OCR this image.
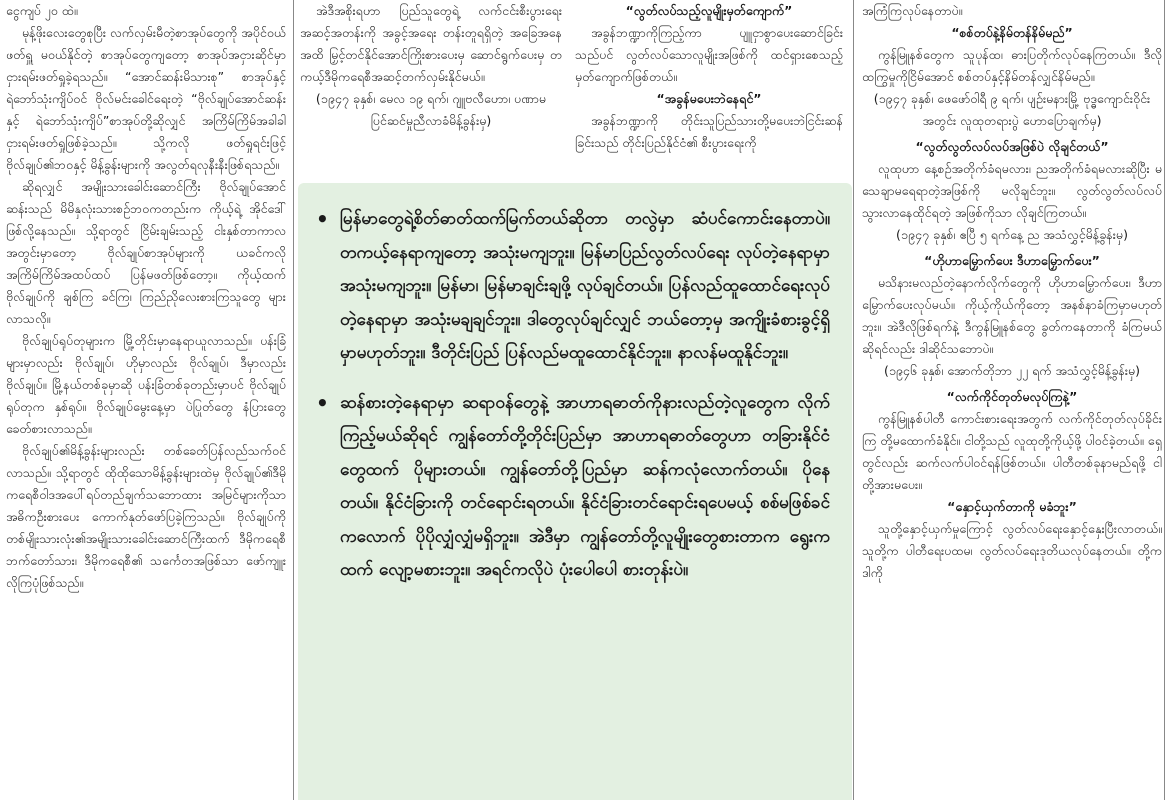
ငွေကျပ် ၂၀ ထဲ။

မုန့်ဖိုးလေးတွေစုပြီး လက်လှမ်းမီတဲ့စာအုပ်တွေကို အပိုင်ဝယ်ဖတ်ရှူ မဝယ်နိုင်တဲ့ စာအုပ်တွေကျတော့ စာအုပ်အငှားဆိုင်မှာ ငှားရမ်းဖတ်ရှုခဲ့ရသည်။ “အောင်ဆန်းမိသားစု” စာအုပ်နှင့် ရဲဘော်သုံးကျိပ်ဝင် ဗိုလ်မင်းခေါင်ရေးတဲ့ “ဗိုလ်ချုပ်အောင်ဆန်းနှင့် ရဲဘော်သုံးကျိပ်”စာအုပ်တို့ဆိုလျှင် အကြိမ်ကြိမ်အခါခါ ငှားရမ်းဖတ်ရှုဖြစ်ခဲ့သည်။ သို့ကလို ဖတ်ရှုရင်းဖြင့် ဗိုလ်ချုပ်၏ဘဝနှင့် မိန့်ခွန်းများကို အလွတ်ရလုနီးနီးဖြစ်ရသည်။

ဆိုရလျှင် အမျိုးသားခေါင်းဆောင်ကြီး ဗိုလ်ချုပ်အောင်ဆန်းသည် မိမိနှလုံးသားစဉ်ဘဝကတည်းက ကိုယ့်ရဲ့ အိုင်ဒေါ်ဖြစ်လို့နေသည်။ သို့ရာတွင် ငြိမ်းချမ်းသည့် ငါးနှစ်တာကာလအတွင်းမှာတော့ ဗိုလ်ချုပ်စာအုပ်များကို ယခင်ကလို အကြိမ်ကြိမ်အထပ်ထပ် ပြန်မဖတ်ဖြစ်တော့။ ကိုယ့်ထက် ဗိုလ်ချုပ်ကို ချစ်ကြ ခင်ကြ၊ ကြည်ညိုလေးစားကြသူတွေ များလာသလို။

ဗိုလ်ချုပ်ရုပ်တုများက မြို့တိုင်းမှာနေရာယူလာသည်။ ပန်းခြံများမှာလည်း ဗိုလ်ချုပ်၊ ဟိုမှာလည်း ဗိုလ်ချုပ်၊ ဒီမှာလည်းဗိုလ်ချုပ်။ မြို့နယ်တစ်ခုမှာဆို ပန်းခြံတစ်ခုတည်းမှာပင် ဗိုလ်ချုပ်ရုပ်တုက နှစ်ရုပ်။ ဗိုလ်ချုပ်မွေးနေ့မှာ ပဲပြုတ်တွေ နံပြားတွေ ခေတ်စားလာသည်။

ဗိုလ်ချုပ်၏မိန့်ခွန်းများလည်း တစ်ခေတ်ပြန်လည်သက်ဝင်လာသည်။ သို့ရာတွင် ထိုထိုသောမိန့်ခွန်းများထဲမှ ဗိုလ်ချုပ်၏ဒီမိုကရေစီဝါဒအပေါ်ရပ်တည်ချက်သဘောထား အမြင်များကိုသာ အဓိကဦးစားပေး ကောက်နုတ်ဖော်ပြခဲ့ကြသည်။ ဗိုလ်ချုပ်ကို တစ်မျိုးသားလုံး၏အမျိုးသားခေါင်းဆောင်ကြီးထက် ဒီမိုကရေစီဘက်တော်သား၊ ဒီမိုကရေစီ၏ သင်္ကေတအဖြစ်သာ ဖော်ကျူးလိုကြပုံဖြစ်သည်။

အဲဒီအစိုးရဟာ ပြည်သူတွေရဲ့ လက်ငင်းစီးပွားရေးအဆင့်အတန်းကို အခွင့်အရေး တန်းတူရရှိတဲ့ အခြေအနေအထိ မြှင့်တင်နိုင်အောင်ကြိုးစားပေးမှ ဆောင်ရွက်ပေးမှ တကယ့်ဒီမိုကရေစီအဆင့်တက်လှမ်းနိုင်မယ်။

(၁၉၄၇ ခုနှစ်၊ မေလ ၁၉ ရက်၊ ဂျူဗလီဟော၊ ပဏာမပြင်ဆင်မှုညီလာခံမိန့်ခွန်းမှ)

“လွတ်လပ်သည့်လူမျိုးမှတ်ကျောက်”

အခွန်ဘဏ္ဍာကိုကြည့်ကာ ပျူငှာစွာပေးဆောင်ခြင်းသည်ပင် လွတ်လပ်သောလူမျိုးအဖြစ်ကို ထင်ရှားစေသည့် မှတ်ကျောက်ဖြစ်တယ်။

“အခွန်မပေးဘဲနေရင်”

အခွန်ဘဏ္ဍာကို တိုင်းသူပြည်သားတို့မပေးဘဲငြင်းဆန်ခြင်းသည် တိုင်းပြည်နိုင်ငံ၏ စီးပွားရေးကို

အကြံကြလုပ်နေတာပဲ။

“စစ်တပ်နဲ့နိမ်တန်နိမ်မည်”

ကွန်မြူနစ်တွေက သူပုန်ထ၊ ဓားပြတိုက်လုပ်နေကြတယ်။ ဒီလိုထကြွမှုကိုငြိမ်အောင် စစ်တပ်နှင့်နိမ်တန်လျှင်နိမ်မည်။

(၁၉၄၇ ခုနှစ်၊ ဖေဖော်ဝါရီ ၉ ရက်၊ ပျဉ်းမနားမြို့ ဗုဒ္ဓကျောင်းဝိုင်းအတွင်း လူထုတရားပွဲ ဟောပြောချက်မှ)

“လွတ်လွတ်လပ်လပ်အဖြစ်ပဲ လိုချင်တယ်”

လူထုဟာ နေ့စဉ်အတိုက်ခံရမလား၊ ညအတိုက်ခံရမလားဆိုပြီး မသေချာမရေရာတဲ့အဖြစ်ကို မလိုချင်ဘူး။ လွတ်လွတ်လပ်လပ်သွားလာနေထိုင်ရတဲ့ အဖြစ်ကိုသာ လိုချင်ကြတယ်။

(၁၉၄၇ ခုနှစ်၊ ဧပြီ ၅ ရက်နေ့ ည အသံလွှင့်မိန့်ခွန်းမှ)

“ဟိုဟာမြှောက်ပေး ဒီဟာမြှောက်ပေး”

မသိနားမလည်တဲ့နောက်လိုက်တွေကို ဟိုဟာမြှောက်ပေး၊ ဒီဟာမြှောက်ပေးလုပ်မယ်။ ကိုယ့်ကိုယ်ကိုတော့ အနစ်နာခံကြမှာမဟုတ်ဘူး။ အဲဒီလိုဖြစ်ရက်နဲ့ ဒီကွန်မြူနစ်တွေ ခွတ်ကနေတာကို ခံကြမယ်ဆိုရင်လည်း ဒါဆိုင်သဘောပဲ။

(၁၉၄၆ ခုနှစ်၊ အောက်တိုဘာ ၂၂ ရက် အသံလွှင့်မိန့်ခွန်းမှ)

“လက်ကိုင်တုတ်မလုပ်ကြနဲ့”

ကွန်မြူနစ်ပါတီ ကောင်းစားရေးအတွက် လက်ကိုင်တုတ်လုပ်ခိုင်းကြ တို့မထောက်ခံနိုင်။ ငါတို့သည် လူထုတို့ကိုယ့်ဖို့ ပါဝင်ခဲ့တယ်။ ရှေ့တွင်လည်း ဆက်လက်ပါဝင်ရန်ဖြစ်တယ်။ ပါတီတစ်ခုနာမည်ရဖို့ ငါတို့အားမပေး။

“နှောင့်ယှက်တာကို မခံဘူး”

သူတို့နှောင့်ယှက်မှုကြောင့် လွတ်လပ်ရေးနှောင့်နှေးပြီးလာတယ်။ သူတို့က ပါတီရေးပထမ၊ လွတ်လပ်ရေးဒုတိယလုပ်နေတယ်။ တို့က ဒါကို

• မြန်မာတွေရဲ့စိတ်ဓာတ်ထက်မြက်တယ်ဆိုတာ တလွဲမှာ ဆံပင်ကောင်းနေတာပဲ။ တကယ့်နေရာကျတော့ အသုံးမကျဘူး။ မြန်မာပြည်လွတ်လပ်ရေး လုပ်တဲ့နေရာမှာ အသုံးမကျဘူး။ မြန်မာ၊ မြန်မာချင်းချဖို့ လုပ်ချင်တယ်။ ပြန်လည်ထူထောင်ရေးလုပ်တဲ့နေရာမှာ အသုံးမချချင်ဘူး။ ဒါတွေလုပ်ချင်လျှင် ဘယ်တော့မှ အကျိုးခံစားခွင့်ရှိမှာမဟုတ်ဘူး။ ဒီတိုင်းပြည် ပြန်လည်မထူထောင်နိုင်ဘူး။ နာလန်မထူနိုင်ဘူး။
• ဆန်စားတဲ့နေရာမှာ ဆရာဝန်တွေနဲ့ အာဟာရဓာတ်ကိုနားလည်တဲ့လူတွေက လိုက်ကြည့်မယ်ဆိုရင် ကျွန်တော်တို့တိုင်းပြည်မှာ အာဟာရဓာတ်တွေဟာ တခြားနိုင်ငံတွေထက် ပိုများတယ်။ ကျွန်တော်တို့ပြည်မှာ ဆန်ကလုံလောက်တယ်။ ပိုနေတယ်။ နိုင်ငံခြားကို တင်ရောင်းရတယ်။ နိုင်ငံခြားတင်ရောင်းရပေမယ့် စစ်မဖြစ်ခင်ကလောက် ပိုပိုလျှံလျှံမရှိဘူး။ အဲဒီမှာ ကျွန်တော်တို့လူမျိုးတွေစားတာက ရွေးကထက် လျော့မစားဘူး။ အရင်ကလိုပဲ ပုံးပေါပေါ စားတုန်းပဲ။
